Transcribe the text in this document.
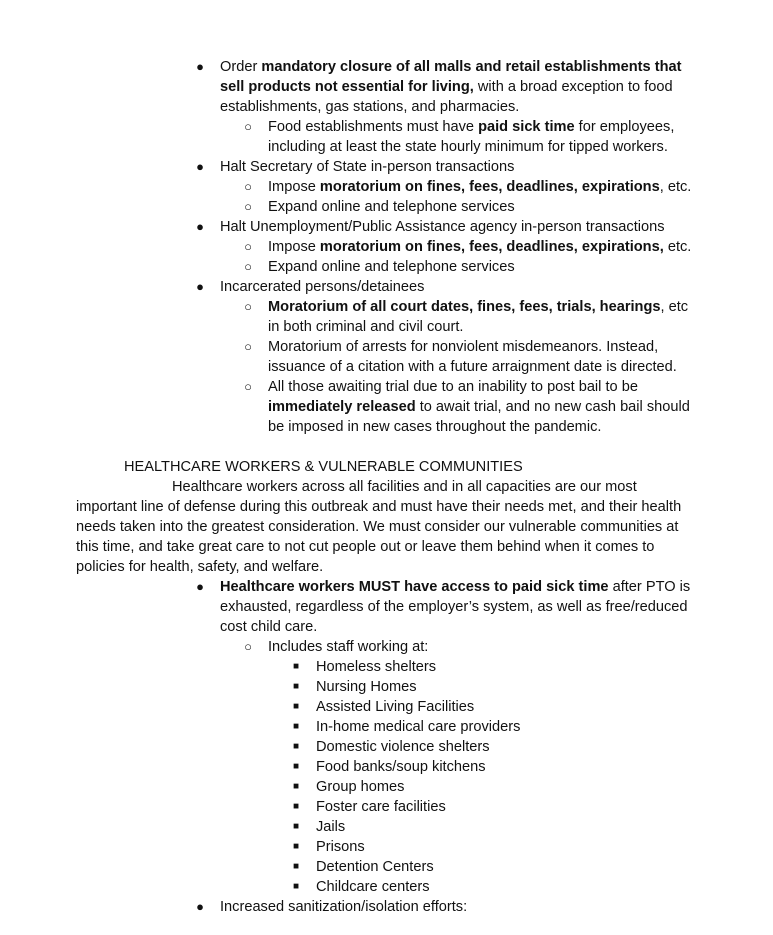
● Order mandatory closure of all malls and retail establishments that
sell products not essential for living, with a broad exception to food
establishments, gas stations, and pharmacies.
○ Food establishments must have paid sick time for employees,
including at least the state hourly minimum for tipped workers.
● Halt Secretary of State in-person transactions
○ Impose moratorium on fines, fees, deadlines, expirations, etc.
○ Expand online and telephone services
● Halt Unemployment/Public Assistance agency in-person transactions
○ Impose moratorium on fines, fees, deadlines, expirations, etc.
○ Expand online and telephone services
● Incarcerated persons/detainees
○ Moratorium of all court dates, fines, fees, trials, hearings, etc
in both criminal and civil court.
○ Moratorium of arrests for nonviolent misdemeanors. Instead,
issuance of a citation with a future arraignment date is directed.
○ All those awaiting trial due to an inability to post bail to be
immediately released to await trial, and no new cash bail should
be imposed in new cases throughout the pandemic.
HEALTHCARE WORKERS & VULNERABLE COMMUNITIES
Healthcare workers across all facilities and in all capacities are our most
important line of defense during this outbreak and must have their needs met, and their health
needs taken into the greatest consideration. We must consider our vulnerable communities at
this time, and take great care to not cut people out or leave them behind when it comes to
policies for health, safety, and welfare.
● Healthcare workers MUST have access to paid sick time after PTO is
exhausted, regardless of the employer’s system, as well as free/reduced
cost child care.
○ Includes staff working at:
■	Homeless shelters
■	Nursing Homes
■	Assisted Living Facilities
■	In-home medical care providers
■	Domestic violence shelters
■	Food banks/soup kitchens
■	Group homes
■	Foster care facilities
■	Jails
■	Prisons
■	Detention Centers
■	Childcare centers
● Increased sanitization/isolation efforts:
